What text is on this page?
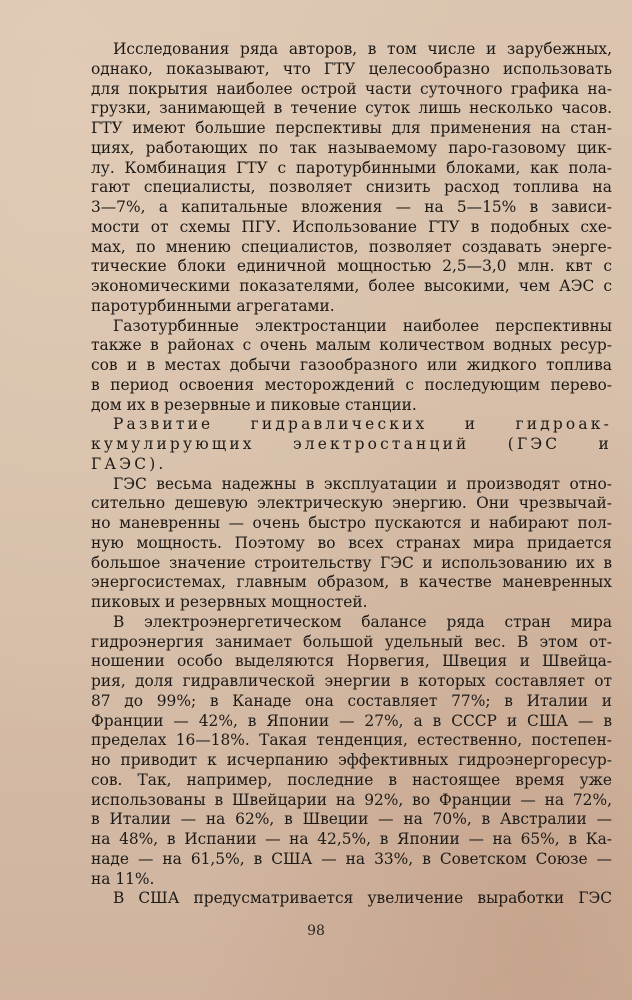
Исследования ряда авторов, в том числе и зарубежных,
однако, показывают, что ГТУ целесообразно использовать
для покрытия наиболее острой части суточного графика на-
грузки, занимающей в течение суток лишь несколько часов.
ГТУ имеют большие перспективы для применения на стан-
циях, работающих по так называемому паро-газовому цик-
лу. Комбинация ГТУ с паротурбинными блоками, как пола-
гают специалисты, позволяет снизить расход топлива на
3—7%, а капитальные вложения — на 5—15% в зависи-
мости от схемы ПГУ. Использование ГТУ в подобных схе-
мах, по мнению специалистов, позволяет создавать энерге-
тические блоки единичной мощностью 2,5—3,0 млн. квт с
экономическими показателями, более высокими, чем АЭС с
паротурбинными агрегатами.
Газотурбинные электростанции наиболее перспективны
также в районах с очень малым количеством водных ресур-
сов и в местах добычи газообразного или жидкого топлива
в период освоения месторождений с последующим перево-
дом их в резервные и пиковые станции.
Развитие гидравлических и гидроак-
кумулирующих электростанций (ГЭС и
ГАЭС).
ГЭС весьма надежны в эксплуатации и производят отно-
сительно дешевую электрическую энергию. Они чрезвычай-
но маневренны — очень быстро пускаются и набирают пол-
ную мощность. Поэтому во всех странах мира придается
большое значение строительству ГЭС и использованию их в
энергосистемах, главным образом, в качестве маневренных
пиковых и резервных мощностей.
В электроэнергетическом балансе ряда стран мира
гидроэнергия занимает большой удельный вес. В этом от-
ношении особо выделяются Норвегия, Швеция и Швейца-
рия, доля гидравлической энергии в которых составляет от
87 до 99%; в Канаде она составляет 77%; в Италии и
Франции — 42%, в Японии — 27%, а в СССР и США — в
пределах 16—18%. Такая тенденция, естественно, постепен-
но приводит к исчерпанию эффективных гидроэнергоресур-
сов. Так, например, последние в настоящее время уже
использованы в Швейцарии на 92%, во Франции — на 72%,
в Италии — на 62%, в Швеции — на 70%, в Австралии —
на 48%, в Испании — на 42,5%, в Японии — на 65%, в Ка-
наде — на 61,5%, в США — на 33%, в Советском Союзе —
на 11%.
В США предусматривается увеличение выработки ГЭС
98
